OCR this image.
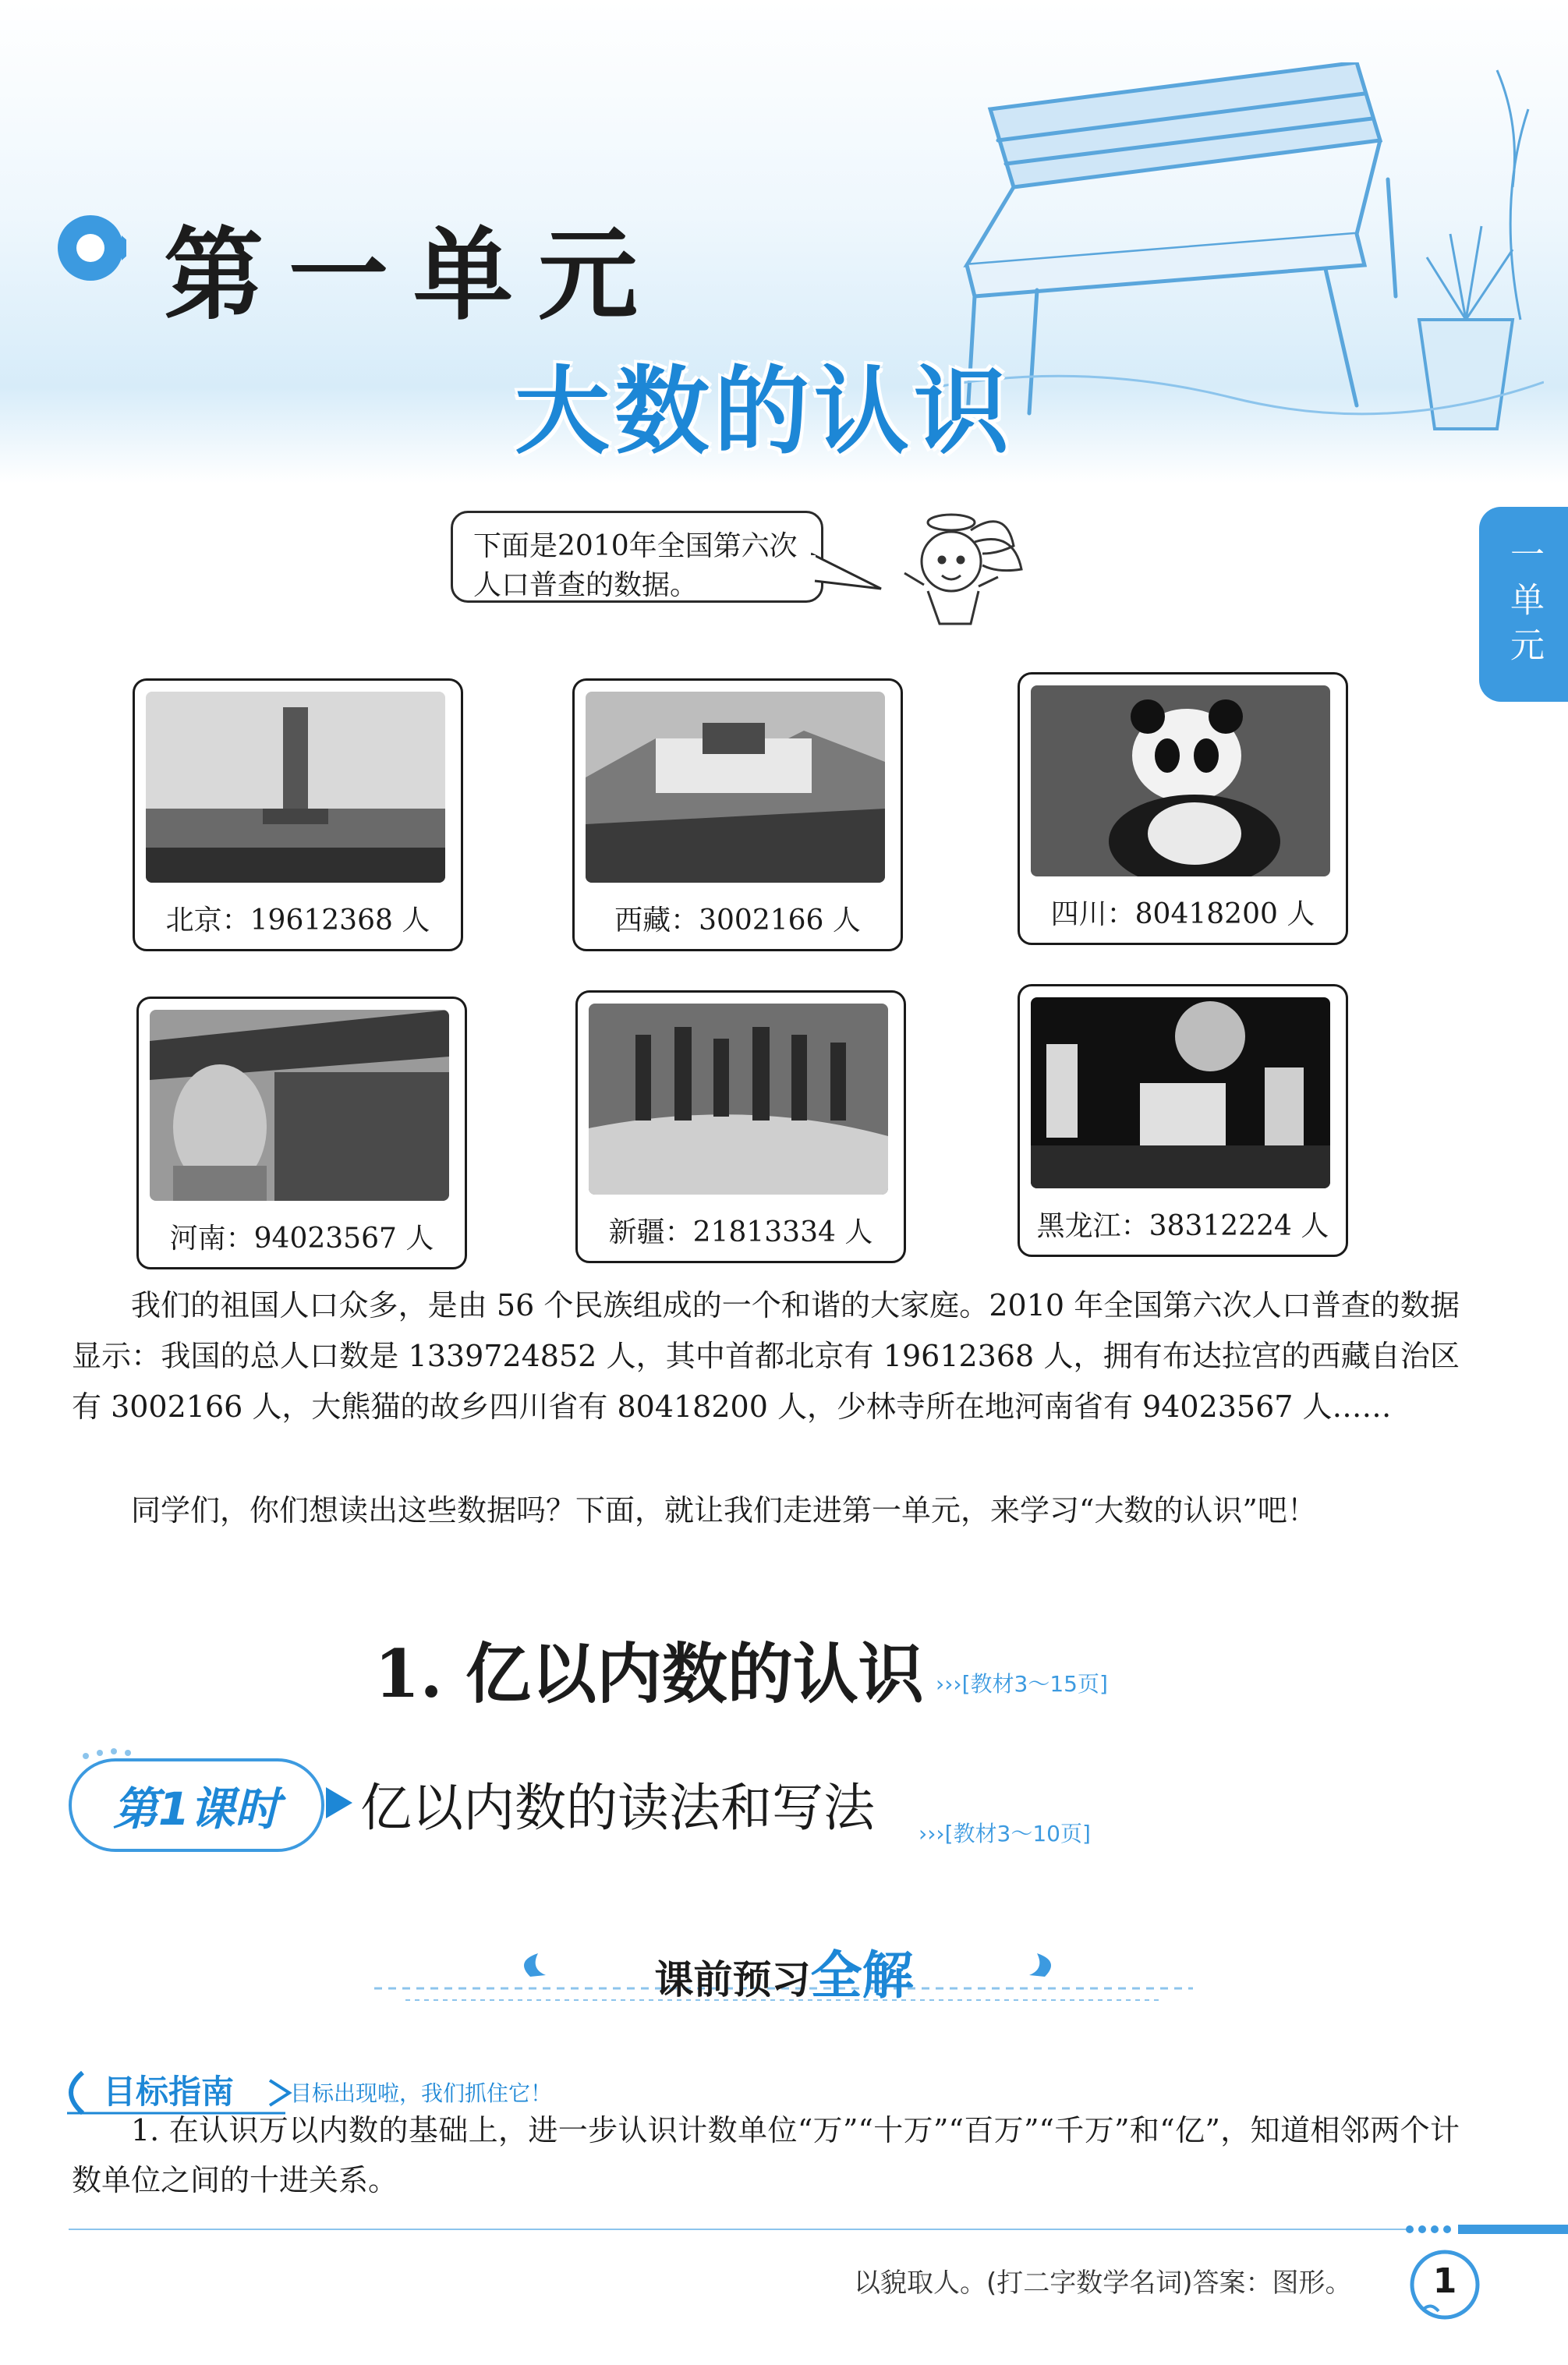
第一单元
大数的认识
一单元
下面是2010年全国第六次人口普查的数据。
北京：19612368 人	西藏：3002166 人	四川：80418200 人
河南：94023567 人	新疆：21813334 人	黑龙江：38312224 人
我们的祖国人口众多，是由 56 个民族组成的一个和谐的大家庭。2010 年全国第六次人口普查的数据显示：我国的总人口数是 1339724852 人，其中首都北京有 19612368 人，拥有布达拉宫的西藏自治区有 3002166 人，大熊猫的故乡四川省有 80418200 人，少林寺所在地河南省有 94023567 人……
同学们，你们想读出这些数据吗？下面，就让我们走进第一单元，来学习“大数的认识”吧！
1. 亿以内数的认识 ›››[教材3～15页]
第1课时 亿以内数的读法和写法 ›››[教材3～10页]
课前预习全解
目标指南	目标出现啦，我们抓住它！
1. 在认识万以内数的基础上，进一步认识计数单位“万”“十万”“百万”“千万”和“亿”，知道相邻两个计数单位之间的十进关系。
以貌取人。(打二字数学名词)答案：图形。	1
